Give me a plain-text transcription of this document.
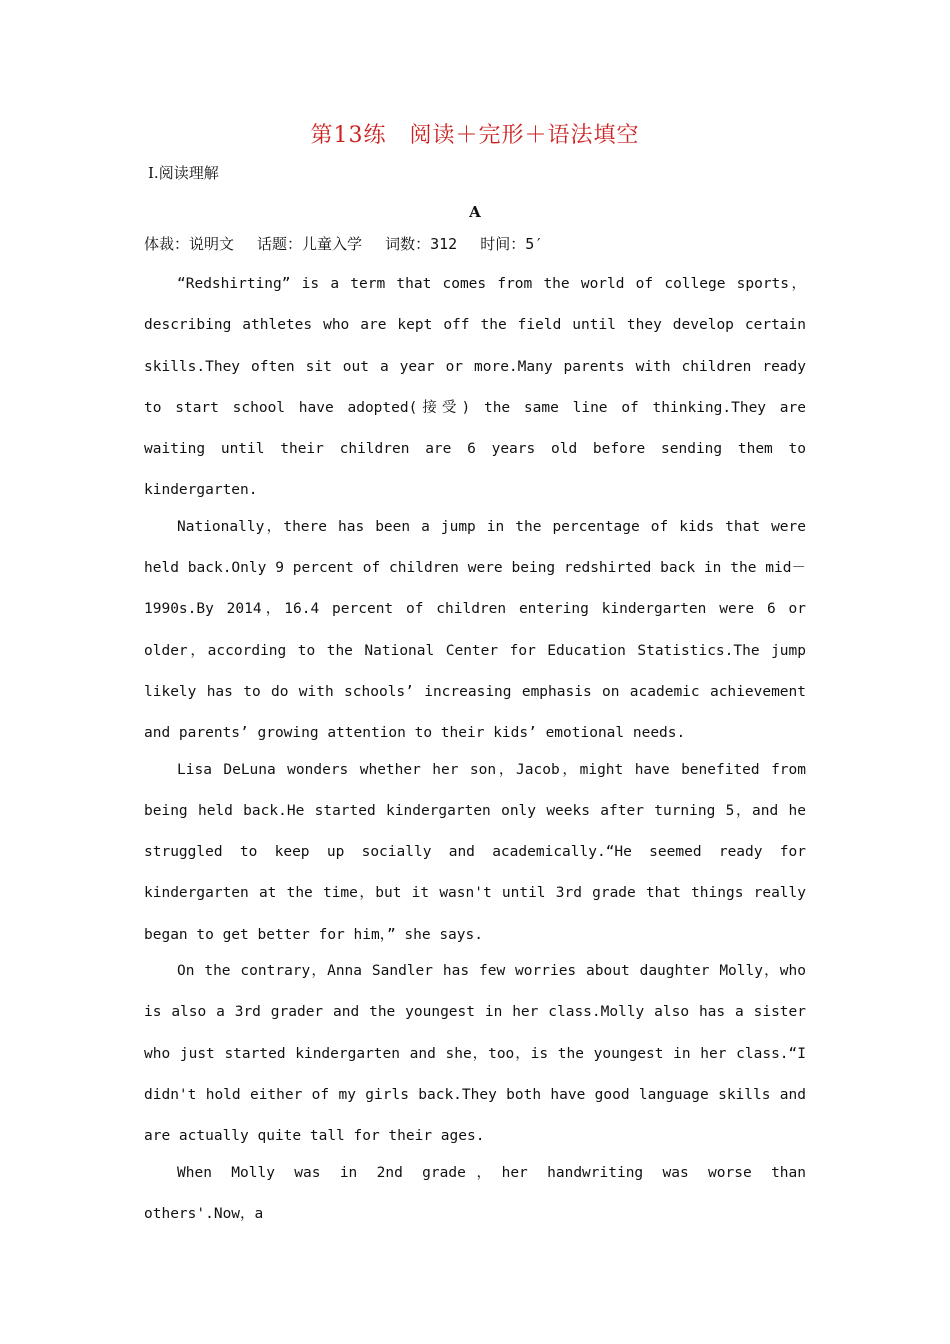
第13练　阅读＋完形＋语法填空
Ⅰ.阅读理解
A
体裁：说明文 话题：儿童入学 词数：312 时间：5′

“Redshirting” is a term that comes from the world of college sports，describing athletes who are kept off the field until they develop certain skills.They often sit out a year or more.Many parents with children ready to start school have adopted(接受) the same line of thinking.They are waiting until their children are 6 years old before sending them to kindergarten.

Nationally，there has been a jump in the percentage of kids that were held back.Only 9 percent of children were being redshirted back in the mid－1990s.By 2014，16.4 percent of children entering kindergarten were 6 or older，according to the National Center for Education Statistics.The jump likely has to do with schools’ increasing emphasis on academic achievement and parents’ growing attention to their kids’ emotional needs.

Lisa DeLuna wonders whether her son，Jacob，might have benefited from being held back.He started kindergarten only weeks after turning 5，and he struggled to keep up socially and academically.“He seemed ready for kindergarten at the time，but it wasn't until 3rd grade that things really began to get better for him，” she says.

On the contrary，Anna Sandler has few worries about daughter Molly，who is also a 3rd grader and the youngest in her class.Molly also has a sister who just started kindergarten and she，too，is the youngest in her class.“I didn't hold either of my girls back.They both have good language skills and are actually quite tall for their ages.

When Molly was in 2nd grade，her handwriting was worse than others'.Now，a
